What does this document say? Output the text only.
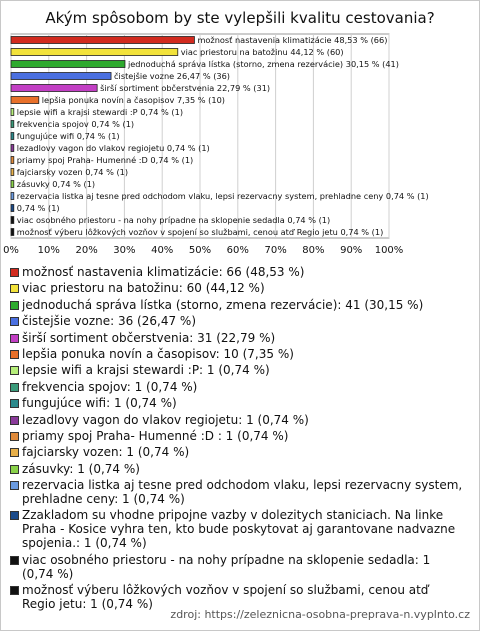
Akým spôsobom by ste vylepšili kvalitu cestovania?
0% 10% 20% 30% 40% 50% 60% 70% 80% 90% 100%
možnosť nastavenia klimatizácie 48,53 % (66)
viac priestoru na batožinu 44,12 % (60)
jednoduchá správa lístka (storno, zmena rezervácie) 30,15 % (41)
čistejšie vozne 26,47 % (36)
širší sortiment občerstvenia 22,79 % (31)
lepšia ponuka novín a časopisov 7,35 % (10)
lepsie wifi a krajsi stewardi :P 0,74 % (1)
frekvencia spojov 0,74 % (1)
fungujúce wifi 0,74 % (1)
lezadlovy vagon do vlakov regiojetu 0,74 % (1)
priamy spoj Praha- Humenné :D 0,74 % (1)
fajciarsky vozen 0,74 % (1)
zásuvky 0,74 % (1)
rezervacia listka aj tesne pred odchodom vlaku, lepsi rezervacny system, prehladne ceny 0,74 % (1)
0,74 % (1)
viac osobného priestoru - na nohy prípadne na sklopenie sedadla 0,74 % (1)
možnosť výberu lôžkových vozňov v spojení so službami, cenou atď Regio jetu 0,74 % (1)
možnosť nastavenia klimatizácie: 66 (48,53 %)
viac priestoru na batožinu: 60 (44,12 %)
jednoduchá správa lístka (storno, zmena rezervácie): 41 (30,15 %)
čistejšie vozne: 36 (26,47 %)
širší sortiment občerstvenia: 31 (22,79 %)
lepšia ponuka novín a časopisov: 10 (7,35 %)
lepsie wifi a krajsi stewardi :P: 1 (0,74 %)
frekvencia spojov: 1 (0,74 %)
fungujúce wifi: 1 (0,74 %)
lezadlovy vagon do vlakov regiojetu: 1 (0,74 %)
priamy spoj Praha- Humenné :D : 1 (0,74 %)
fajciarsky vozen: 1 (0,74 %)
zásuvky: 1 (0,74 %)
rezervacia listka aj tesne pred odchodom vlaku, lepsi rezervacny system, prehladne ceny: 1 (0,74 %)
Zzakladom su vhodne pripojne vazby v dolezitych staniciach. Na linke Praha - Kosice vyhra ten, kto bude poskytovat aj garantovane nadvazne spojenia.: 1 (0,74 %)
viac osobného priestoru - na nohy prípadne na sklopenie sedadla: 1 (0,74 %)
možnosť výberu lôžkových vozňov v spojení so službami, cenou atď Regio jetu: 1 (0,74 %)
zdroj: https://zeleznicna-osobna-preprava-n.vyplnto.cz
